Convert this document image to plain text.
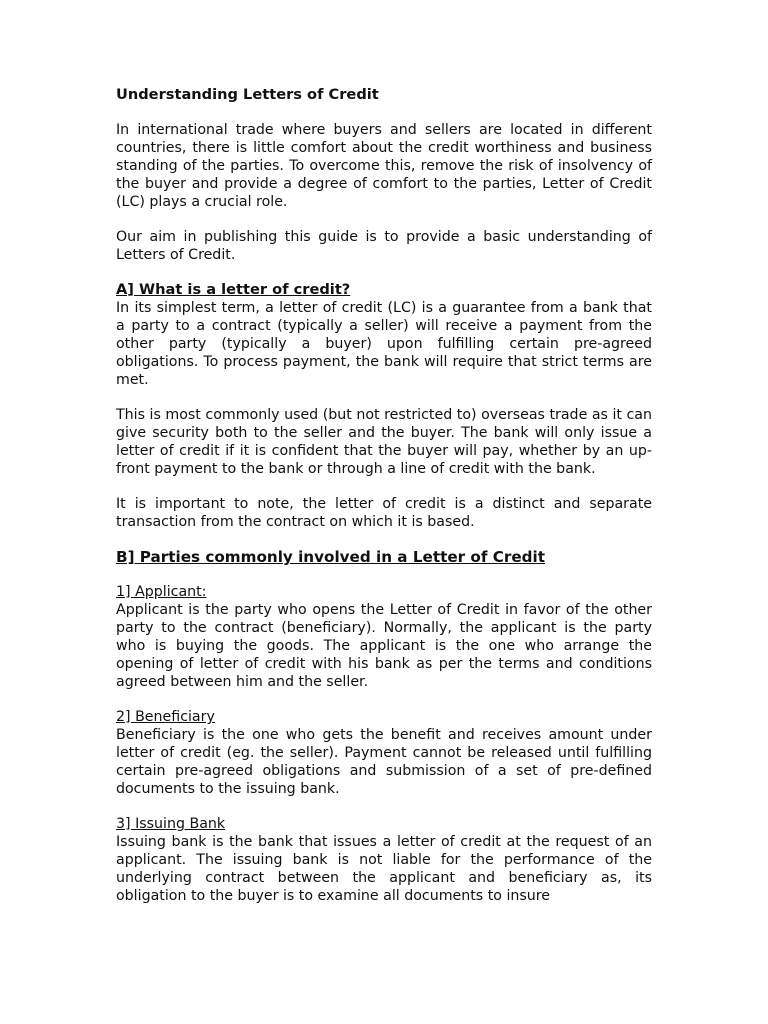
Understanding Letters of Credit

In international trade where buyers and sellers are located in different countries, there is little comfort about the credit worthiness and business standing of the parties. To overcome this, remove the risk of insolvency of the buyer and provide a degree of comfort to the parties, Letter of Credit (LC) plays a crucial role.

Our aim in publishing this guide is to provide a basic understanding of Letters of Credit.

A] What is a letter of credit?

In its simplest term, a letter of credit (LC) is a guarantee from a bank that a party to a contract (typically a seller) will receive a payment from the other party (typically a buyer) upon fulfilling certain pre-agreed obligations. To process payment, the bank will require that strict terms are met.

This is most commonly used (but not restricted to) overseas trade as it can give security both to the seller and the buyer. The bank will only issue a letter of credit if it is confident that the buyer will pay, whether by an up-front payment to the bank or through a line of credit with the bank.

It is important to note, the letter of credit is a distinct and separate transaction from the contract on which it is based.

B] Parties commonly involved in a Letter of Credit
1] Applicant:

Applicant is the party who opens the Letter of Credit in favor of the other party to the contract (beneficiary). Normally, the applicant is the party who is buying the goods. The applicant is the one who arrange the opening of letter of credit with his bank as per the terms and conditions agreed between him and the seller.

2] Beneficiary

Beneficiary is the one who gets the benefit and receives amount under letter of credit (eg. the seller). Payment cannot be released until fulfilling certain pre-agreed obligations and submission of a set of pre-defined documents to the issuing bank.

3] Issuing Bank

Issuing bank is the bank that issues a letter of credit at the request of an applicant. The issuing bank is not liable for the performance of the underlying contract between the applicant and beneficiary as, its obligation to the buyer is to examine all documents to insure
